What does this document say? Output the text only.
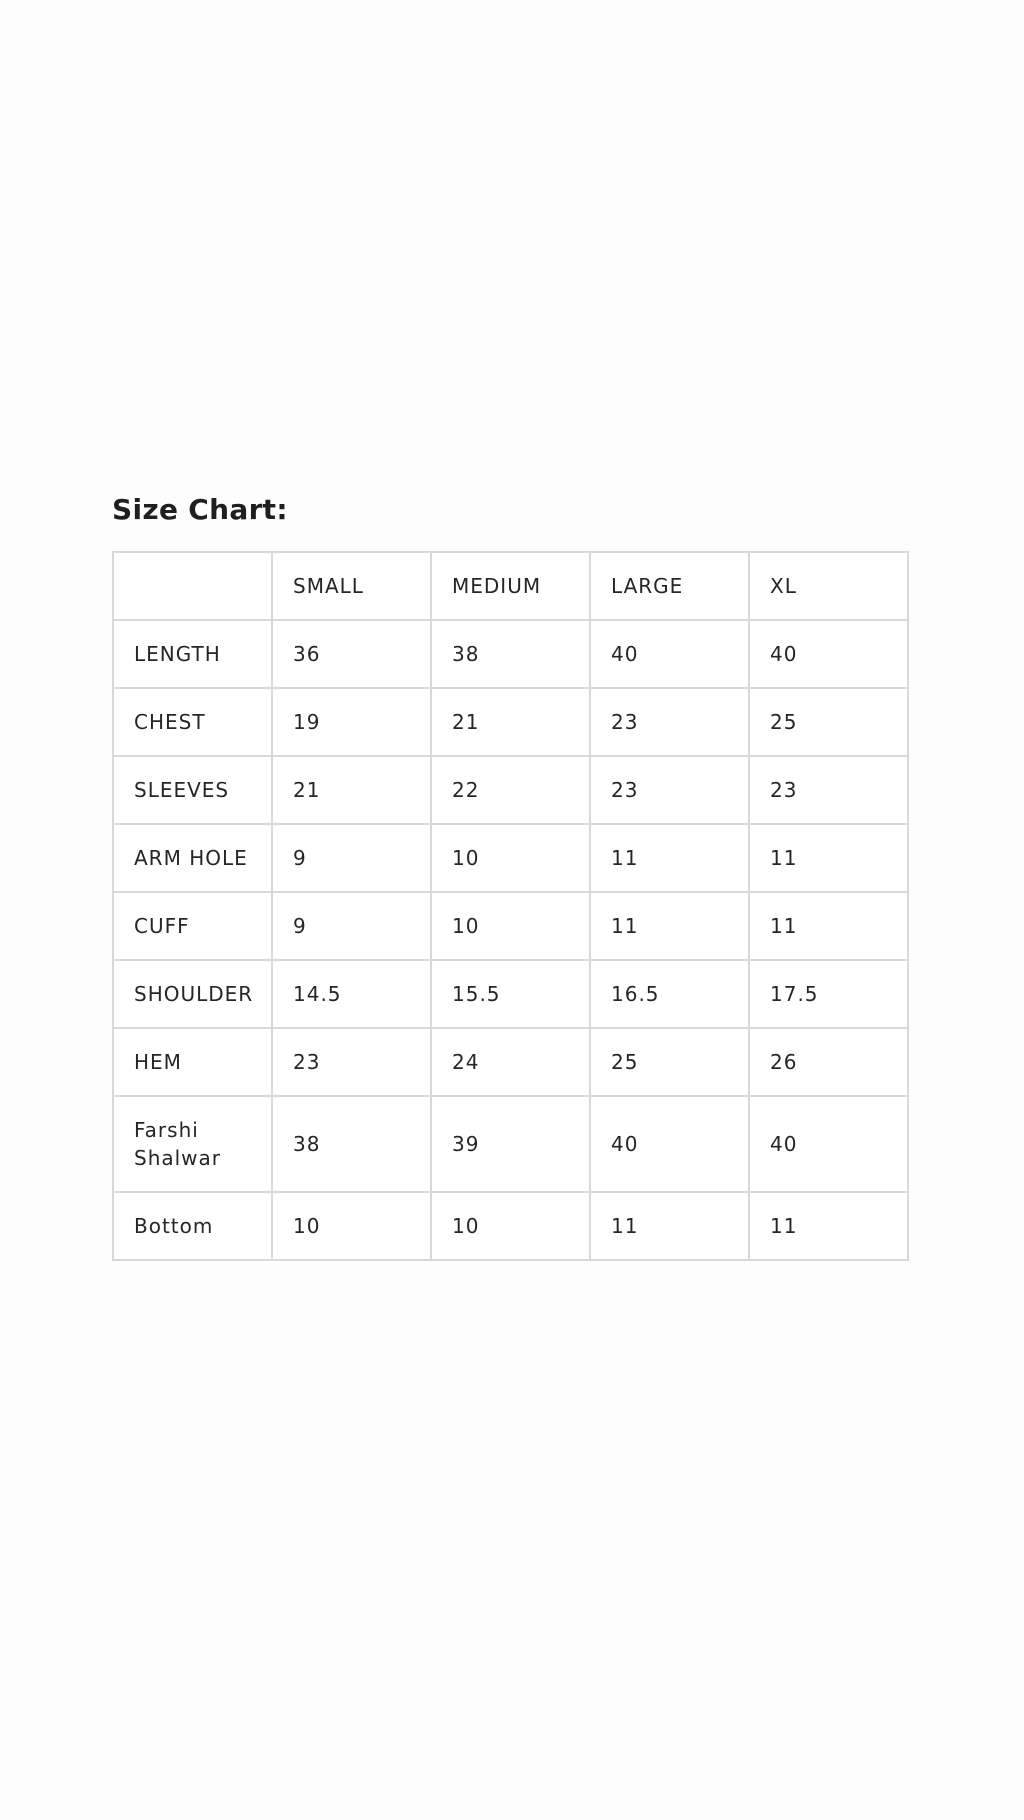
Size Chart:
	SMALL	MEDIUM	LARGE	XL
LENGTH	36	38	40	40
CHEST	19	21	23	25
SLEEVES	21	22	23	23
ARM HOLE	9	10	11	11
CUFF	9	10	11	11
SHOULDER	14.5	15.5	16.5	17.5
HEM	23	24	25	26
Farshi Shalwar	38	39	40	40
Bottom	10	10	11	11
